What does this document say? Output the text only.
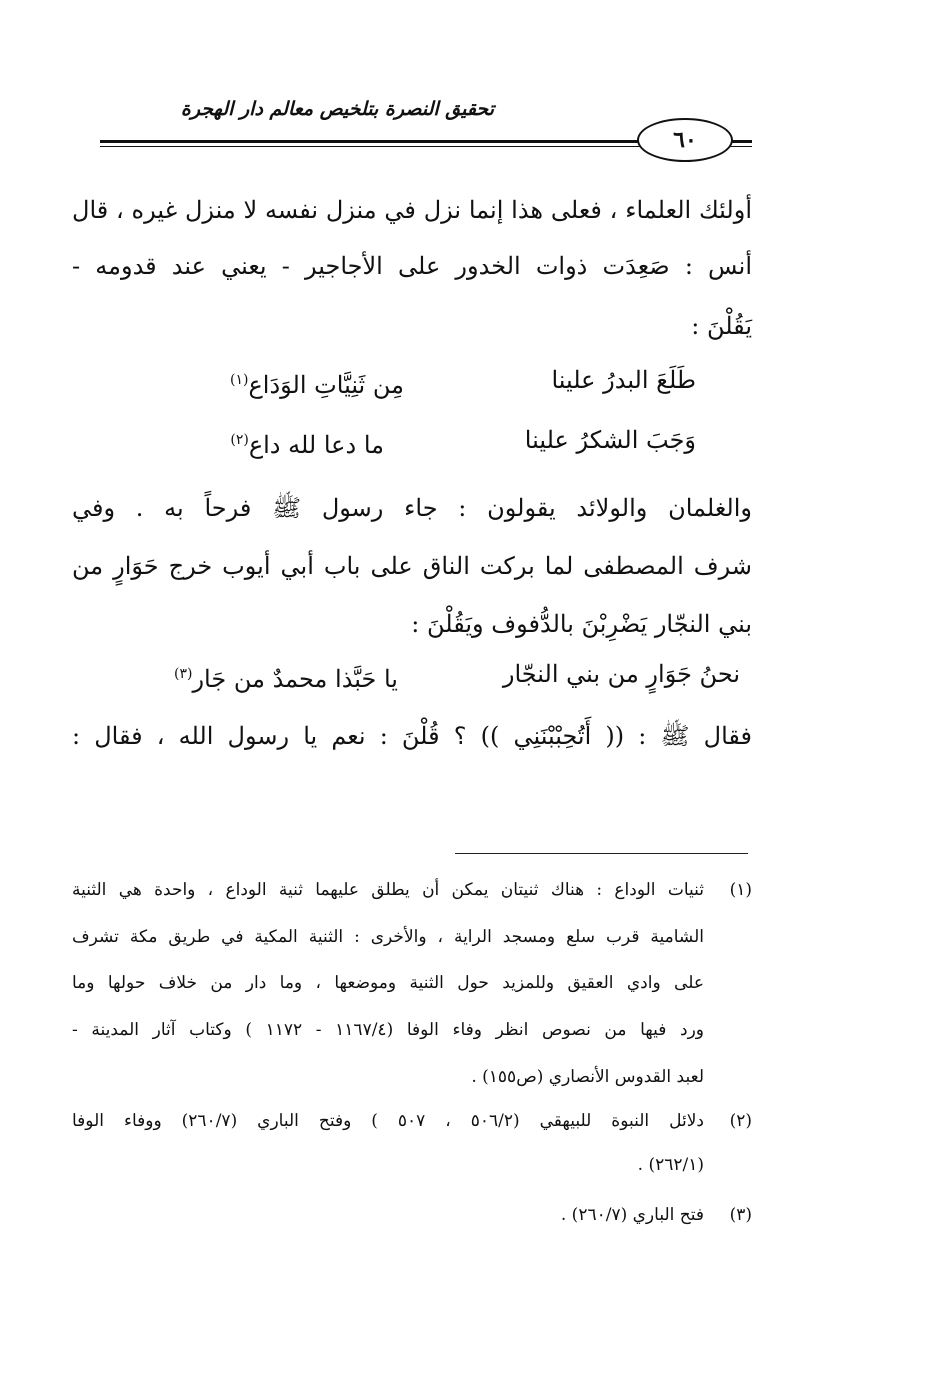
تحقيق النصرة بتلخيص معالم دار الهجرة
٦٠
أولئك العلماء ، فعلى هذا إنما نزل في منزل نفسه لا منزل غيره ، قال
أنس : صَعِدَت ذوات الخدور على الأجاجير - يعني عند قدومه -
يَقُلْنَ :
طَلَعَ البدرُ علينا
مِن ثَنِيَّاتِ الوَدَاع$^{(١)}$
وَجَبَ الشكرُ علينا
ما دعا لله داع$^{(٢)}$
والغلمان والولائد يقولون : جاء رسول ﷺ فرحاً به . وفي
شرف المصطفى لما بركت الناق على باب أبي أيوب خرج حَوَارٍ من
بني النجّار يَضْرِبْنَ بالدُّفوف ويَقُلْنَ :
نحنُ جَوَارٍ من بني النجّار
يا حَبَّذا محمدٌ من جَار$^{(٣)}$
فقال ﷺ : (( أَتُحِبْبْنَنِي )) ؟ قُلْنَ : نعم يا رسول الله ، فقال :
(١)
ثنيات الوداع : هناك ثنيتان يمكن أن يطلق عليهما ثنية الوداع ، واحدة هي الثنية
الشامية قرب سلع ومسجد الراية ، والأخرى : الثنية المكية في طريق مكة تشرف
على وادي العقيق وللمزيد حول الثنية وموضعها ، وما دار من خلاف حولها وما
ورد فيها من نصوص انظر وفاء الوفا (١١٦٧/٤ - ١١٧٢ ) وكتاب آثار المدينة -
لعبد القدوس الأنصاري (ص١٥٥) .
(٢)
دلائل النبوة للبيهقي (٥٠٦/٢ ، ٥٠٧ ) وفتح الباري (٢٦٠/٧) ووفاء الوفا
(٢٦٢/١) .
(٣)
فتح الباري (٢٦٠/٧) .
